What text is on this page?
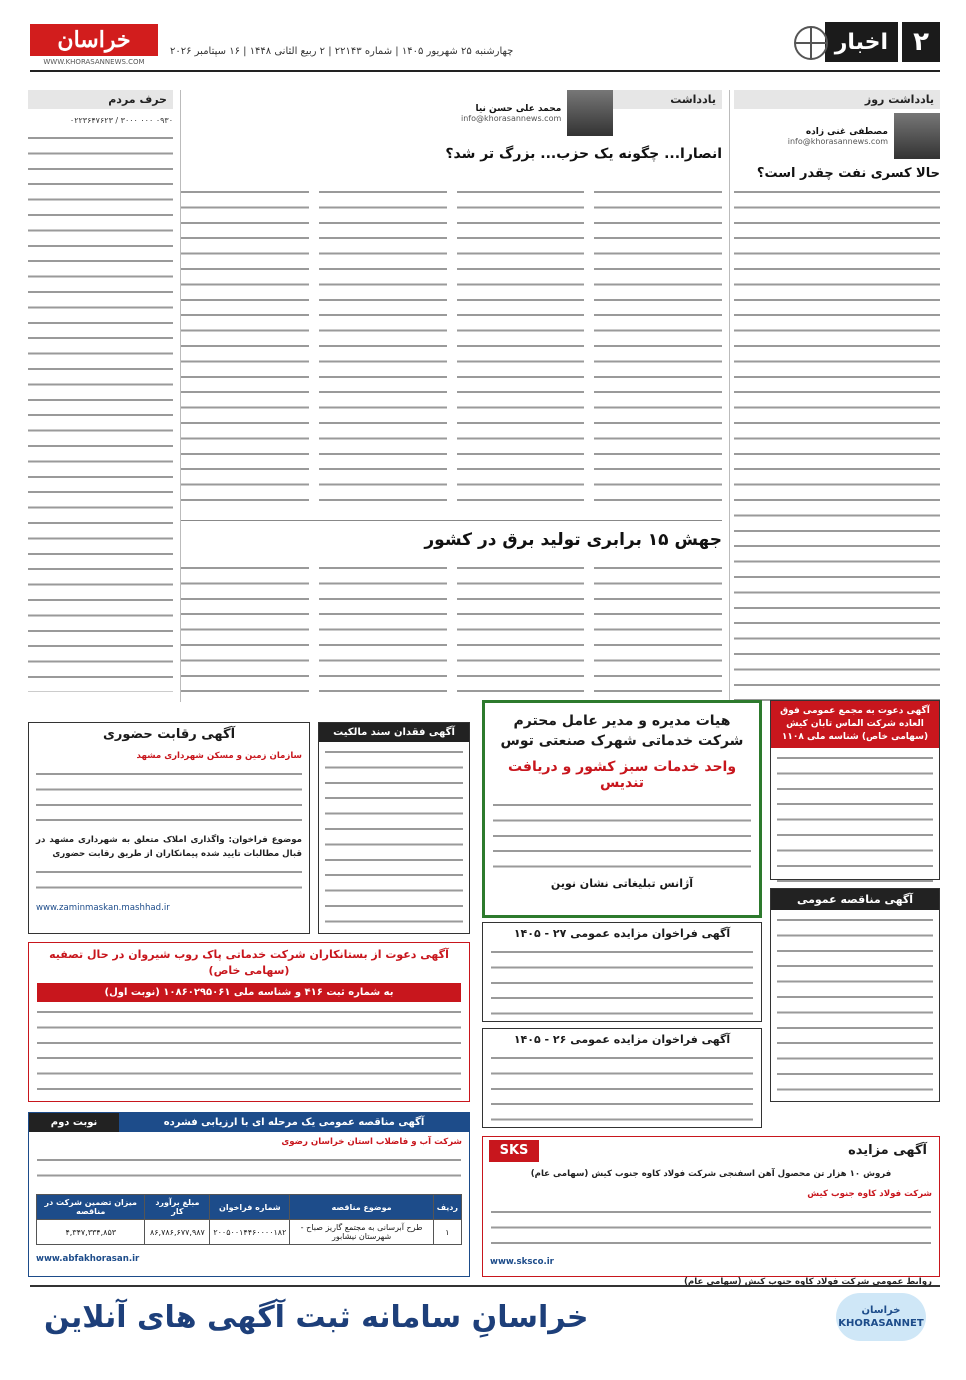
۲
اخبار
چهارشنبه ۲۵ شهریور ۱۴۰۵ | شماره ۲۲۱۴۳ | ۲ ربیع الثانی ۱۴۴۸ | ۱۶ سپتامبر ۲۰۲۶
خراسان
WWW.KHORASANNEWS.COM
یادداشت روز
مصطفی غنی زاده
info@khorasannews.com
حالا کسری نفت چقدر است؟
یادداشت
محمد علی حسن نیا
info@khorasannews.com
انصارا... چگونه یک حزب... بزرگ تر شد؟
جهش ۱۵ برابری تولید برق در کشور
حرف مردم
۰۹۳۰ ۰۰۰ ۳۰۰۰ / ۰۲۲۳۶۴۷۶۲۳
آگهی رقابت حضوری
سازمان زمین و مسکن شهرداری مشهد
موضوع فراخوان: واگذاری املاک متعلق به شهرداری مشهد در قبال مطالبات تایید شده پیمانکاران از طریق رقابت حضوری
www.zaminmaskan.mashhad.ir
آگهی فقدان سند مالکیت
هیات مدیره و مدیر عامل محترم شرکت خدماتی شهرک صنعتی توس
واحد خدمات سبز کشور و دریافت تندیس
آژانس تبلیغاتی نشان نوین
آگهی دعوت به مجمع عمومی فوق العاده شرکت الماس تابان کیش (سهامی خاص) شناسه ملی ۱۱۰۸
آگهی فراخوان مزایده عمومی ۲۷ - ۱۴۰۵
آگهی فراخوان مزایده عمومی ۲۶ - ۱۴۰۵
آگهی مناقصه عمومی
آگهی دعوت از بستانکاران شرکت خدماتی پاک روب شیروان در حال تصفیه (سهامی خاص)
به شماره ثبت ۴۱۶ و شناسه ملی ۱۰۸۶۰۲۹۵۰۶۱ (نوبت اول)
آگهی مناقصه عمومی یک مرحله ای با ارزیابی فشرده
نوبت دوم
شرکت آب و فاضلاب استان خراسان رضوی
ردیف	موضوع مناقصه	شماره فراخوان	مبلغ برآورد کار	میزان تضمین شرکت در مناقصه
۱	طرح آبرسانی به مجتمع گاریز صباح - شهرستان نیشابور	۲۰۰۵۰۰۱۴۴۶۰۰۰۰۱۸۲	۸۶,۷۸۶,۶۷۷,۹۸۷	۴,۳۴۷,۳۳۴,۸۵۳
www.abfakhorasan.ir
آگهی مزایده
SKS
فروش ۱۰ هزار تن محصول آهن اسفنجی شرکت فولاد کاوه جنوب کیش (سهامی عام)
شرکت فولاد کاوه جنوب کیش
www.sksco.ir
روابط عمومی شرکت فولاد کاوه جنوب کیش (سهامی عام)
خراسان KHORASANNET
خراسانِ سامانه ثبت آگهی های آنلاین
